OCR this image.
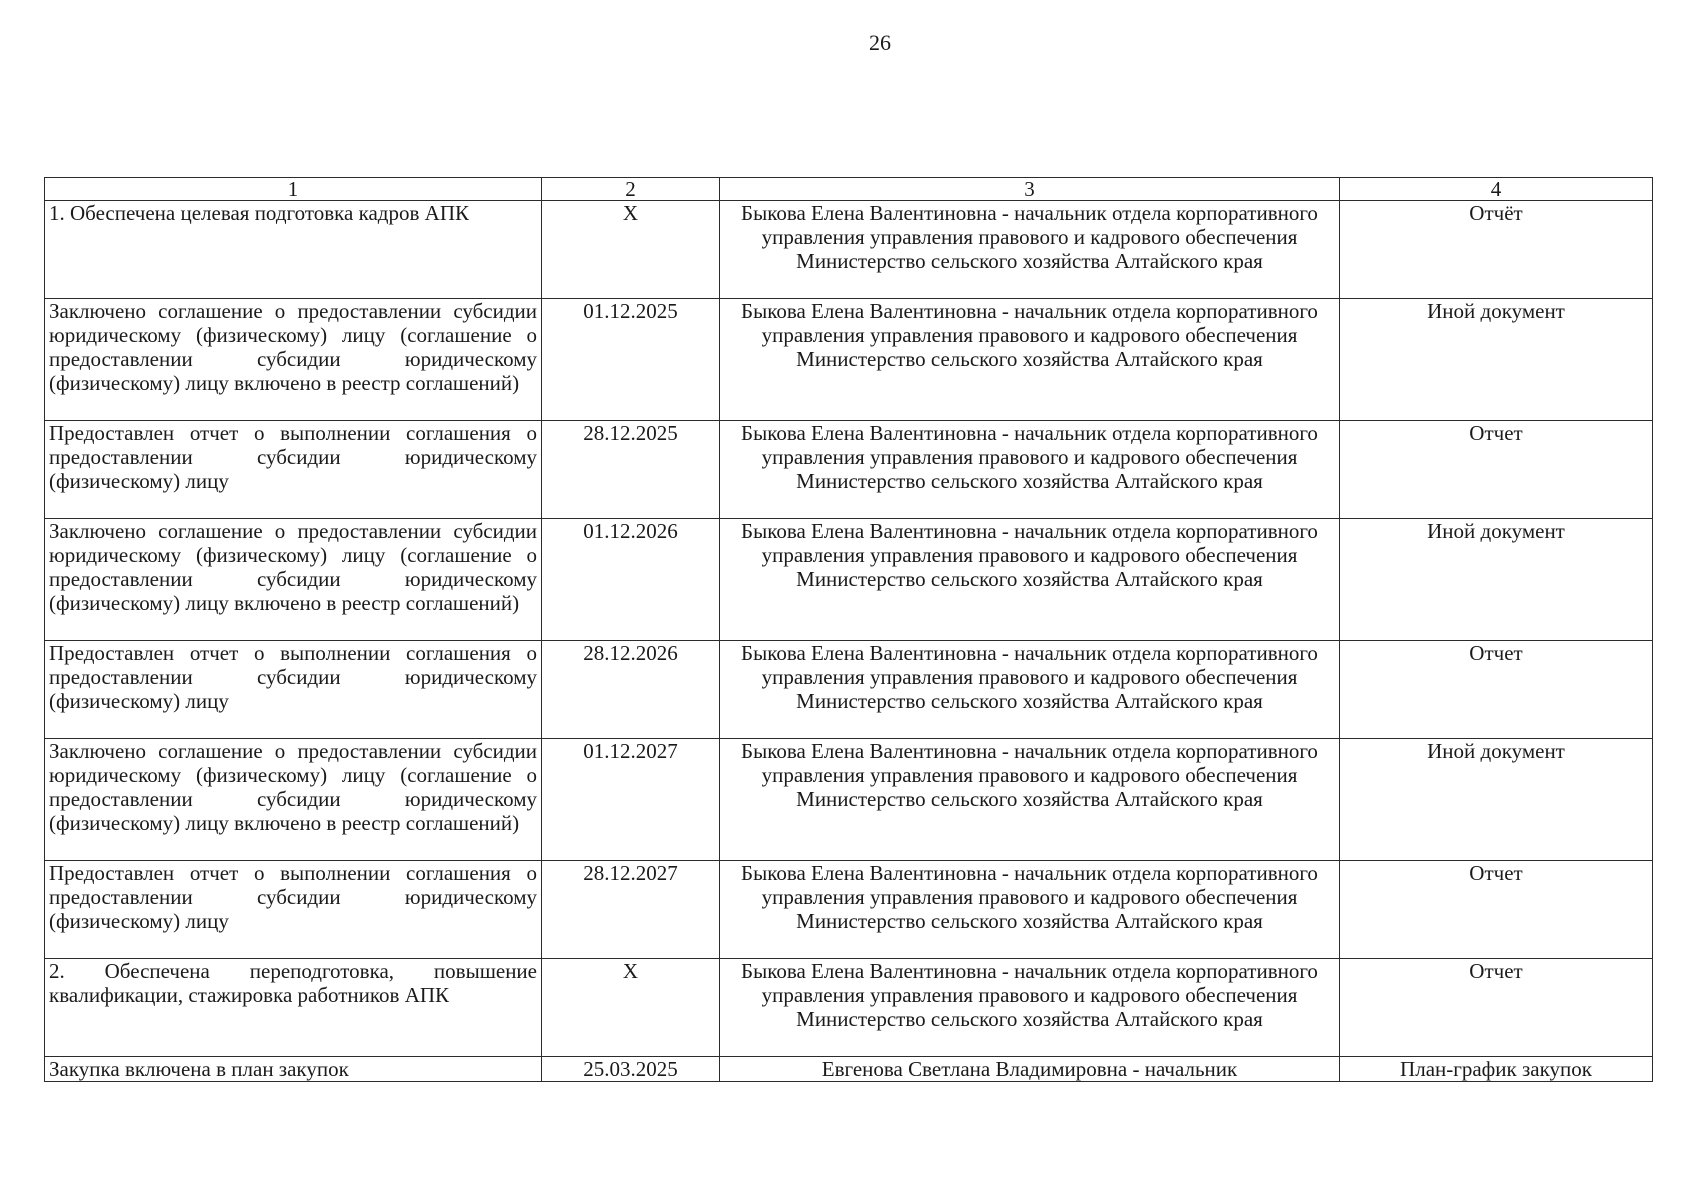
26
1	2	3	4
1. Обеспечена целевая подготовка кадров АПК	X	Быкова Елена Валентиновна - начальник отдела корпоративного управления управления правового и кадрового обеспечения Министерство сельского хозяйства Алтайского края	Отчёт
Заключено соглашение о предоставлении субсидии юридическому (физическому) лицу (соглашение о предоставлении субсидии юридическому (физическому) лицу включено в реестр соглашений)	01.12.2025	Быкова Елена Валентиновна - начальник отдела корпоративного управления управления правового и кадрового обеспечения Министерство сельского хозяйства Алтайского края	Иной документ
Предоставлен отчет о выполнении соглашения о предоставлении субсидии юридическому (физическому) лицу	28.12.2025	Быкова Елена Валентиновна - начальник отдела корпоративного управления управления правового и кадрового обеспечения Министерство сельского хозяйства Алтайского края	Отчет
Заключено соглашение о предоставлении субсидии юридическому (физическому) лицу (соглашение о предоставлении субсидии юридическому (физическому) лицу включено в реестр соглашений)	01.12.2026	Быкова Елена Валентиновна - начальник отдела корпоративного управления управления правового и кадрового обеспечения Министерство сельского хозяйства Алтайского края	Иной документ
Предоставлен отчет о выполнении соглашения о предоставлении субсидии юридическому (физическому) лицу	28.12.2026	Быкова Елена Валентиновна - начальник отдела корпоративного управления управления правового и кадрового обеспечения Министерство сельского хозяйства Алтайского края	Отчет
Заключено соглашение о предоставлении субсидии юридическому (физическому) лицу (соглашение о предоставлении субсидии юридическому (физическому) лицу включено в реестр соглашений)	01.12.2027	Быкова Елена Валентиновна - начальник отдела корпоративного управления управления правового и кадрового обеспечения Министерство сельского хозяйства Алтайского края	Иной документ
Предоставлен отчет о выполнении соглашения о предоставлении субсидии юридическому (физическому) лицу	28.12.2027	Быкова Елена Валентиновна - начальник отдела корпоративного управления управления правового и кадрового обеспечения Министерство сельского хозяйства Алтайского края	Отчет
2. Обеспечена переподготовка, повышение квалификации, стажировка работников АПК	X	Быкова Елена Валентиновна - начальник отдела корпоративного управления управления правового и кадрового обеспечения Министерство сельского хозяйства Алтайского края	Отчет
Закупка включена в план закупок	25.03.2025	Евгенова Светлана Владимировна - начальник	План-график закупок
